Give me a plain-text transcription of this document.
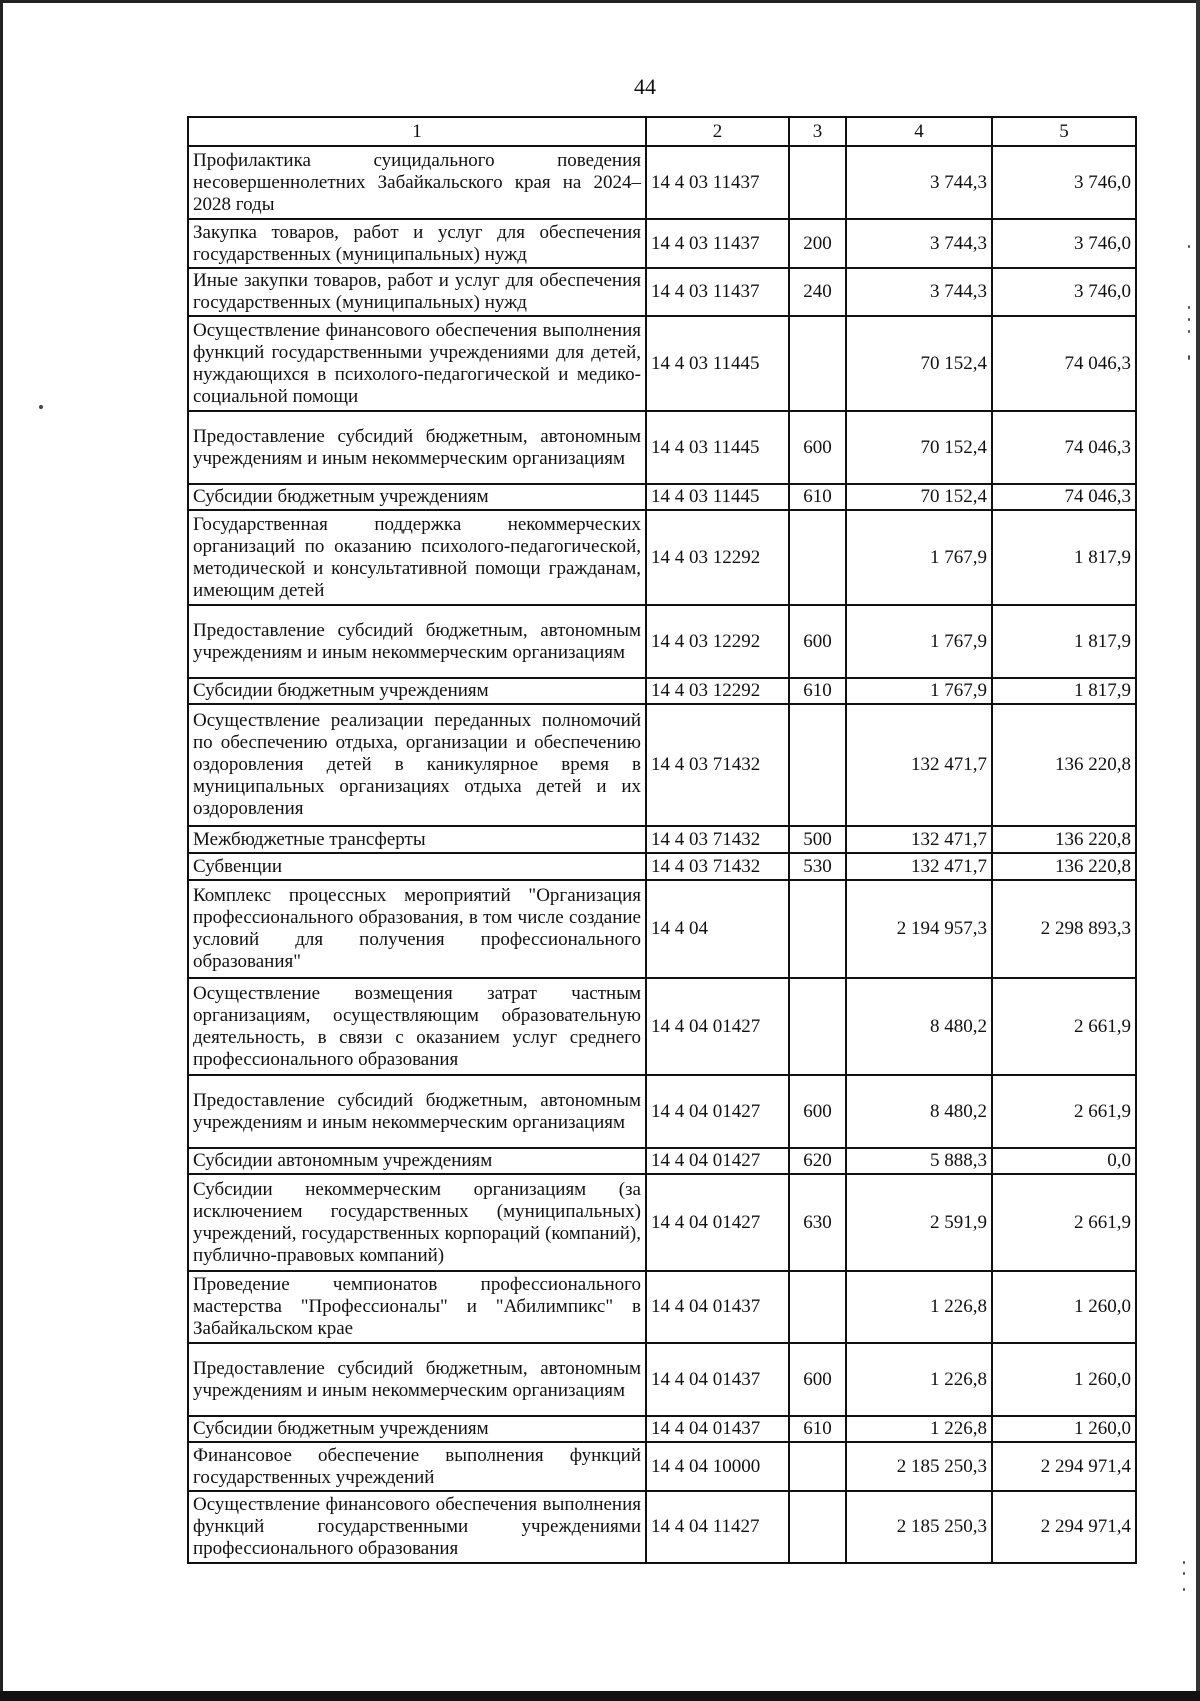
44
1	2	3	4	5
Профилактика суицидального поведения несовершеннолетних Забайкальского края на 2024–2028 годы	14 4 03 11437		3 744,3	3 746,0
Закупка товаров, работ и услуг для обеспечения государственных (муниципальных) нужд	14 4 03 11437	200	3 744,3	3 746,0
Иные закупки товаров, работ и услуг для обеспечения государственных (муниципальных) нужд	14 4 03 11437	240	3 744,3	3 746,0
Осуществление финансового обеспечения выполнения функций государственными учреждениями для детей, нуждающихся в психолого-педагогической и медико-социальной помощи	14 4 03 11445		70 152,4	74 046,3
Предоставление субсидий бюджетным, автономным учреждениям и иным некоммерческим организациям	14 4 03 11445	600	70 152,4	74 046,3
Субсидии бюджетным учреждениям	14 4 03 11445	610	70 152,4	74 046,3
Государственная поддержка некоммерческих организаций по оказанию психолого-педагогической, методической и консультативной помощи гражданам, имеющим детей	14 4 03 12292		1 767,9	1 817,9
Предоставление субсидий бюджетным, автономным учреждениям и иным некоммерческим организациям	14 4 03 12292	600	1 767,9	1 817,9
Субсидии бюджетным учреждениям	14 4 03 12292	610	1 767,9	1 817,9
Осуществление реализации переданных полномочий по обеспечению отдыха, организации и обеспечению оздоровления детей в каникулярное время в муниципальных организациях отдыха детей и их оздоровления	14 4 03 71432		132 471,7	136 220,8
Межбюджетные трансферты	14 4 03 71432	500	132 471,7	136 220,8
Субвенции	14 4 03 71432	530	132 471,7	136 220,8
Комплекс процессных мероприятий "Организация профессионального образования, в том числе создание условий для получения профессионального образования"	14 4 04		2 194 957,3	2 298 893,3
Осуществление возмещения затрат частным организациям, осуществляющим образовательную деятельность, в связи с оказанием услуг среднего профессионального образования	14 4 04 01427		8 480,2	2 661,9
Предоставление субсидий бюджетным, автономным учреждениям и иным некоммерческим организациям	14 4 04 01427	600	8 480,2	2 661,9
Субсидии автономным учреждениям	14 4 04 01427	620	5 888,3	0,0
Субсидии некоммерческим организациям (за исключением государственных (муниципальных) учреждений, государственных корпораций (компаний), публично-правовых компаний)	14 4 04 01427	630	2 591,9	2 661,9
Проведение чемпионатов профессионального мастерства "Профессионалы" и "Абилимпикс" в Забайкальском крае	14 4 04 01437		1 226,8	1 260,0
Предоставление субсидий бюджетным, автономным учреждениям и иным некоммерческим организациям	14 4 04 01437	600	1 226,8	1 260,0
Субсидии бюджетным учреждениям	14 4 04 01437	610	1 226,8	1 260,0
Финансовое обеспечение выполнения функций государственных учреждений	14 4 04 10000		2 185 250,3	2 294 971,4
Осуществление финансового обеспечения выполнения функций государственными учреждениями профессионального образования	14 4 04 11427		2 185 250,3	2 294 971,4
